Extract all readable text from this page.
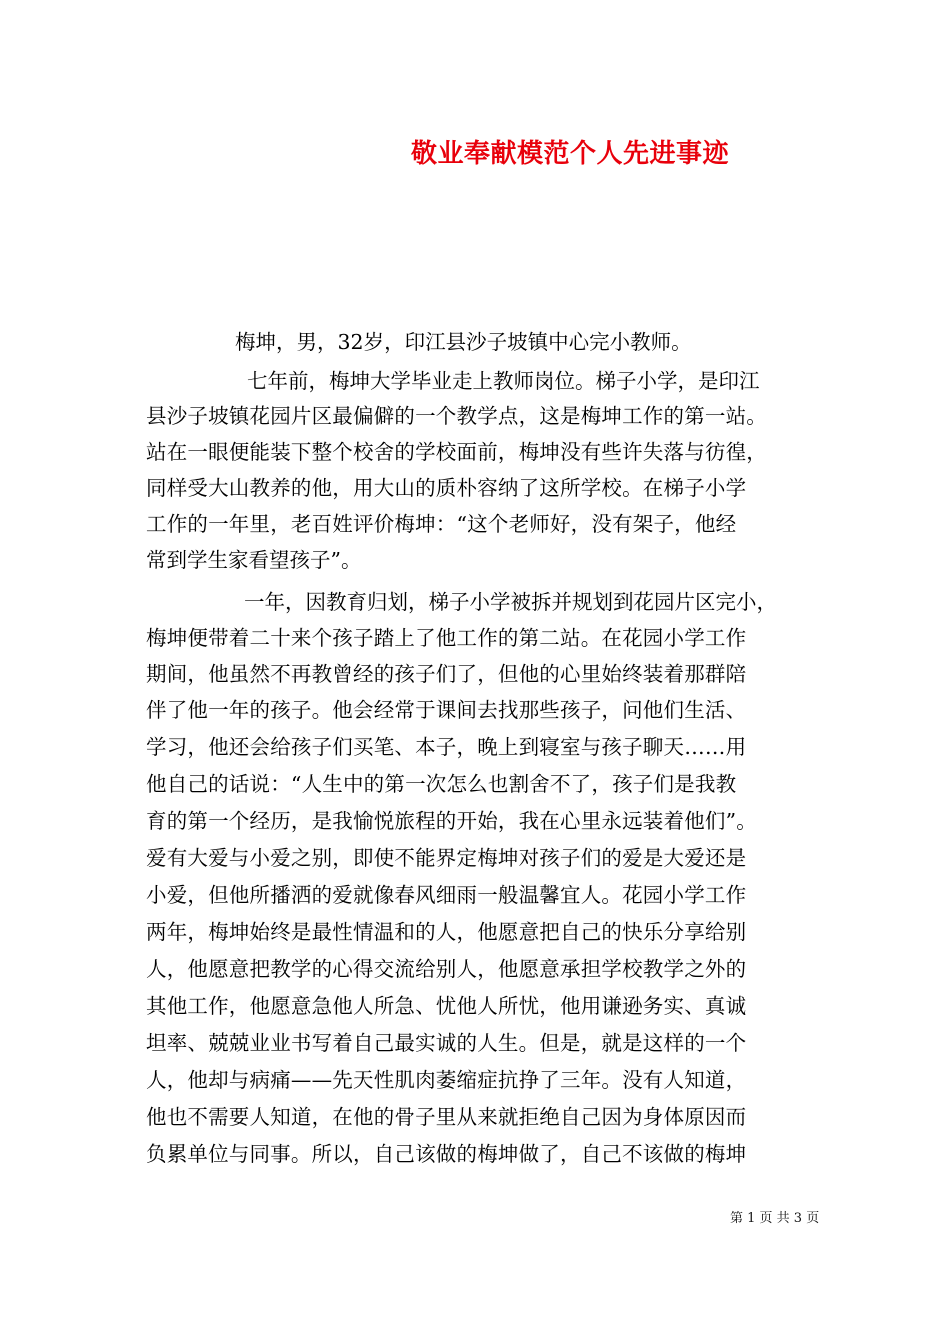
敬业奉献模范个人先进事迹

梅坤，男，32岁，印江县沙子坡镇中心完小教师。

七年前，梅坤大学毕业走上教师岗位。梯子小学，是印江

县沙子坡镇花园片区最偏僻的一个教学点，这是梅坤工作的第一站。

站在一眼便能装下整个校舍的学校面前，梅坤没有些许失落与彷徨，

同样受大山教养的他，用大山的质朴容纳了这所学校。在梯子小学

工作的一年里，老百姓评价梅坤：“这个老师好，没有架子，他经

常到学生家看望孩子”。

一年，因教育归划，梯子小学被拆并规划到花园片区完小，

梅坤便带着二十来个孩子踏上了他工作的第二站。在花园小学工作

期间，他虽然不再教曾经的孩子们了，但他的心里始终装着那群陪

伴了他一年的孩子。他会经常于课间去找那些孩子，问他们生活、

学习，他还会给孩子们买笔、本子，晚上到寝室与孩子聊天……用

他自己的话说：“人生中的第一次怎么也割舍不了，孩子们是我教

育的第一个经历，是我愉悦旅程的开始，我在心里永远装着他们”。

爱有大爱与小爱之别，即使不能界定梅坤对孩子们的爱是大爱还是

小爱，但他所播洒的爱就像春风细雨一般温馨宜人。花园小学工作

两年，梅坤始终是最性情温和的人，他愿意把自己的快乐分享给别

人，他愿意把教学的心得交流给别人，他愿意承担学校教学之外的

其他工作，他愿意急他人所急、忧他人所忧，他用谦逊务实、真诚

坦率、兢兢业业书写着自己最实诚的人生。但是，就是这样的一个

人，他却与病痛——先天性肌肉萎缩症抗挣了三年。没有人知道，

他也不需要人知道，在他的骨子里从来就拒绝自己因为身体原因而

负累单位与同事。所以，自己该做的梅坤做了，自己不该做的梅坤

第 1 页 共 3 页
